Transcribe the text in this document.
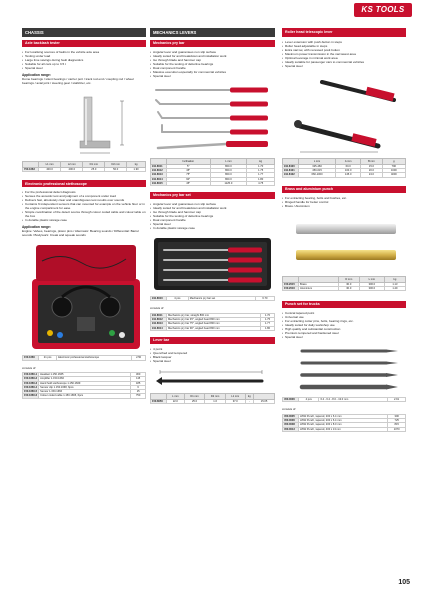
KS TOOLS
CHASSIS
Axle backlash tester
• For localising sources of faults in the vehicle axle area
• Testing under load
• Large lime savings during fault diagnostics
• Suitable for all cars up to 3.5 t
• Special steel
Application range:
Dome bearings / silent bearings / carrier port / track rod end / coupling rod / wheel bearings / axial joint / steering gear / stabilizer, etc.
	L1 mm	L2 mm	D1 mm	D2 mm	kg
700.1663	400.0	400.0	25.0	50.0	1.90
Electronic professional stethoscope
• For the professional defect diagnosis
• Senses the acoustic test and judgment of a component under load
• Delivers fast, absolutely clear and unambiguous test results over sounds
• Contains 6 independent sensors that can mounted for example on the vehicle floor or in the engine compartment for ease
• Simple coordination of the detect source through colour coded cable and colour table on the box
• In durable plastic storage case
Application range:
Engine: Valves, bearings, piston pins / Alternator: Bearing sounds / Differential: Barrel sounds / Bodywork: Creak and squeak sounds
150.1660	21 pcs	Electronic professional stethoscope	2.50
consists of:
150.1660-1	Headset 1.150.1665	300
150.1660-2	Amplifier 1.150.1666	115
150.1660-3	Hand held stethoscope 1.150.1669	185
150.1660-4	Sensor clip 1.150.1668, 6pcs	6
150.1660-5	Sensor 1.150.1666	15
150.1660-6	Colour coded cable 1.150.1665, 6pcs	750
MECHANICS LEVERS
Mechanics pry bar
• Angular lever and guarantees non slip surface
• Ideally suited for and breakdown and installation work
• Go through blade and hammer cap
• Suitable for the testing of defective bearings
• Dual component handle
• Massive execution especially for commercial vehicles
• Special steel
	Inclination	L mm	kg
911.8011	5°	800.0	1.70
911.8012	45°	800.0	1.75
911.8013	75°	800.0	1.77
911.8014	90°	800.0	1.80
911.8015	45°	1125.0	4.75
Mechanics pry bar set
• Angular lever and guarantees non slip surface
• Ideally suited for and breakdown and installation work
• Go through blade and hammer cap
• Suitable for the testing of defective bearings
• Dual component handle
• Special steel
• In durable plastic storage case
911.8010	4 pcs	Mechanics pry bar set	6.70
consists of:
911.8011	Mechanics pry bar, straight 800 mm	1.70
911.8012	Mechanics pry bar 45°, angled head 800 mm	1.75
911.8013	Mechanics pry bar 75°, angled head 800 mm	1.77
911.8014	Mechanics pry bar 90°, angled head 800 mm	1.80
Lever bar
• 4 point
• Quenched and tempered
• Black lacquer
• Special steel
	L mm	D1 mm	D2 mm	L1 mm	kg	
150.8050	22.0	25.0	1.6	37.0	-	15.05
Roller head telescopic lever
• Lever extension with push-button in steps
• Roller head adjustable in steps
• Extra narrow, with recessed posit button
• Maximum power transmission in the narrowest area
• Optimal leverage in minimal work area
• Ideally suitable for passenger cars to commercial vehicles
• Special steel
	L mm	A mm	B mm	g
911.8100	325-460	60.0	15.0	790
911.8101	450-615	100.0	20.0	1600
911.8102	660-1000	145.0	24.0	4000
Brass and aluminium punch
• For extracting bearing, bolts and bushes, etc.
• Ringed handle for better control
• Brass / Aluminium
		D mm	L mm	kg
150.2015	Brass	30.0	300.0	1.13
150.2016	Aluminium	30.0	300.0	1.49
Punch set for trucks
• Conical tapered point
• Universal use
• For extracting cotter pins, bolts, bearing rings, etc.
• Ideally suited for daily workshop use
• High quality and substantial construction
• Premium tempered and hardened steel
• Special steel
450.0000	4 pcs	6.4 - 6.4 - 8.0 - 13.0 mm	2.91
consists of:
450.0005	HSW Punch, tapered, 200 x 6.4 mm	300
450.0006	HSW Punch, tapered, 200 x 6.4 mm	725
450.0008	HSW Punch, tapered, 200 x 8.0 mm	815
450.0013	HSW Punch, tapered, 400 x 13 mm	1070
105
